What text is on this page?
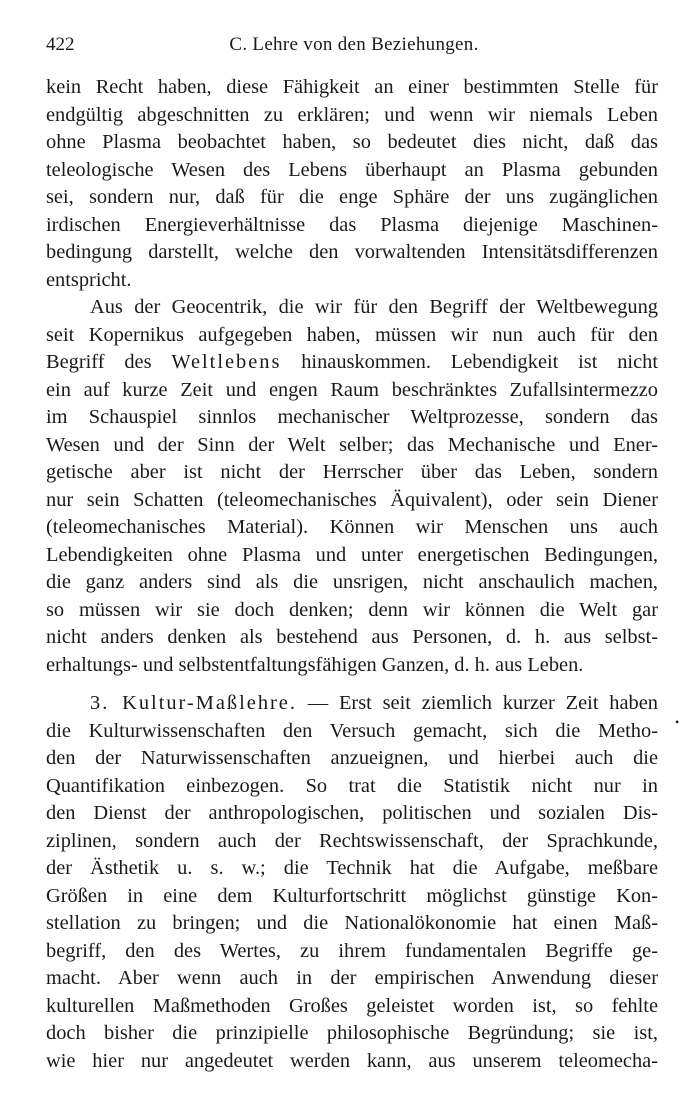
422	C. Lehre von den Beziehungen.
kein Recht haben, diese Fähigkeit an einer bestimmten Stelle für
endgültig abgeschnitten zu erklären; und wenn wir niemals Leben
ohne Plasma beobachtet haben, so bedeutet dies nicht, daß das
teleologische Wesen des Lebens überhaupt an Plasma gebunden
sei, sondern nur, daß für die enge Sphäre der uns zugänglichen
irdischen Energieverhältnisse das Plasma diejenige Maschinen-
bedingung darstellt, welche den vorwaltenden Intensitätsdifferenzen
entspricht.
Aus der Geocentrik, die wir für den Begriff der Weltbewegung
seit Kopernikus aufgegeben haben, müssen wir nun auch für den
Begriff des Weltlebens hinauskommen. Lebendigkeit ist nicht
ein auf kurze Zeit und engen Raum beschränktes Zufallsintermezzo
im Schauspiel sinnlos mechanischer Weltprozesse, sondern das
Wesen und der Sinn der Welt selber; das Mechanische und Ener-
getische aber ist nicht der Herrscher über das Leben, sondern
nur sein Schatten (teleomechanisches Äquivalent), oder sein Diener
(teleomechanisches Material). Können wir Menschen uns auch
Lebendigkeiten ohne Plasma und unter energetischen Bedingungen,
die ganz anders sind als die unsrigen, nicht anschaulich machen,
so müssen wir sie doch denken; denn wir können die Welt gar
nicht anders denken als bestehend aus Personen, d. h. aus selbst-
erhaltungs- und selbstentfaltungsfähigen Ganzen, d. h. aus Leben.
3. Kultur-Maßlehre. — Erst seit ziemlich kurzer Zeit haben
die Kulturwissenschaften den Versuch gemacht, sich die Metho-
den der Naturwissenschaften anzueignen, und hierbei auch die
Quantifikation einbezogen. So trat die Statistik nicht nur in
den Dienst der anthropologischen, politischen und sozialen Dis-
ziplinen, sondern auch der Rechtswissenschaft, der Sprachkunde,
der Ästhetik u. s. w.; die Technik hat die Aufgabe, meßbare
Größen in eine dem Kulturfortschritt möglichst günstige Kon-
stellation zu bringen; und die Nationalökonomie hat einen Maß-
begriff, den des Wertes, zu ihrem fundamentalen Begriffe ge-
macht. Aber wenn auch in der empirischen Anwendung dieser
kulturellen Maßmethoden Großes geleistet worden ist, so fehlte
doch bisher die prinzipielle philosophische Begründung; sie ist,
wie hier nur angedeutet werden kann, aus unserem teleomecha-
•
